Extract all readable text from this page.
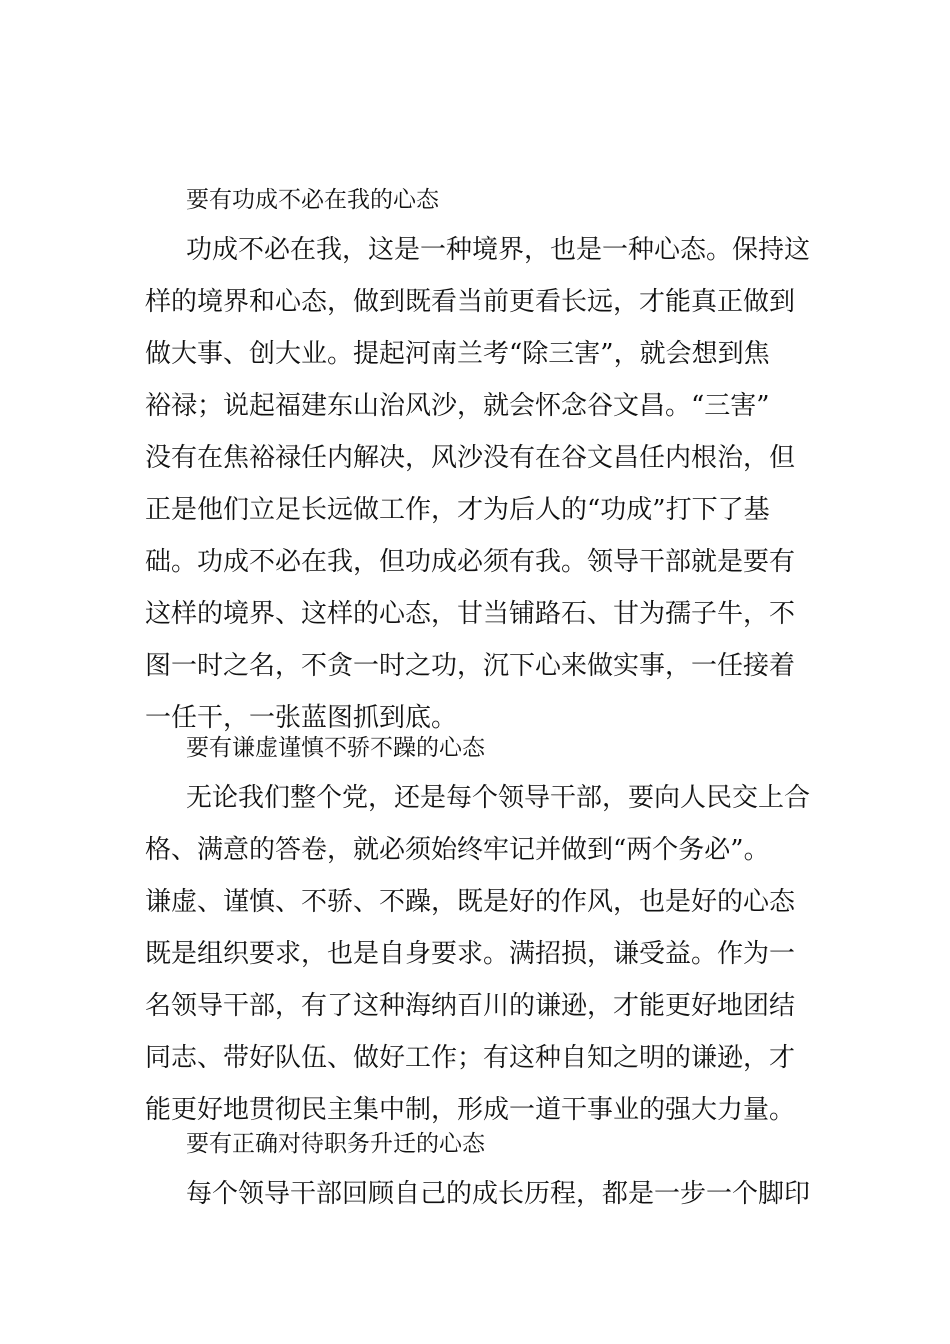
要有功成不必在我的心态
功成不必在我，这是一种境界，也是一种心态。保持这
样的境界和心态，做到既看当前更看长远，才能真正做到
做大事、创大业。提起河南兰考“除三害”，就会想到焦
裕禄；说起福建东山治风沙，就会怀念谷文昌。“三害”
没有在焦裕禄任内解决，风沙没有在谷文昌任内根治，但
正是他们立足长远做工作，才为后人的“功成”打下了基
础。功成不必在我，但功成必须有我。领导干部就是要有
这样的境界、这样的心态，甘当铺路石、甘为孺子牛，不
图一时之名，不贪一时之功，沉下心来做实事，一任接着
一任干，一张蓝图抓到底。
要有谦虚谨慎不骄不躁的心态
无论我们整个党，还是每个领导干部，要向人民交上合
格、满意的答卷，就必须始终牢记并做到“两个务必”。
谦虚、谨慎、不骄、不躁，既是好的作风，也是好的心态
既是组织要求，也是自身要求。满招损，谦受益。作为一
名领导干部，有了这种海纳百川的谦逊，才能更好地团结
同志、带好队伍、做好工作；有这种自知之明的谦逊，才
能更好地贯彻民主集中制，形成一道干事业的强大力量。
要有正确对待职务升迁的心态
每个领导干部回顾自己的成长历程，都是一步一个脚印
